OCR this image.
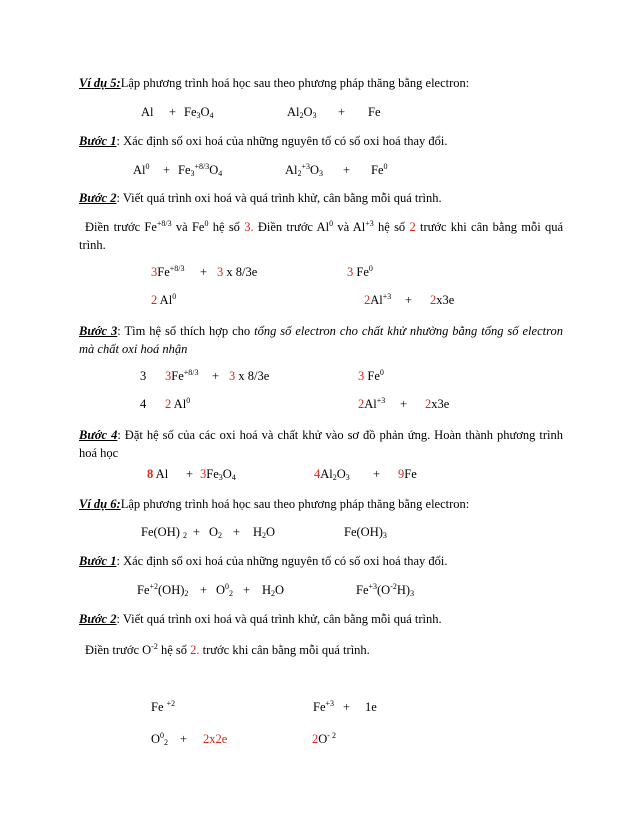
Ví dụ 5:Lập phương trình hoá học sau theo phương pháp thăng bằng electron:
$Al + Fe_3O_4$	$Al_2O_3 + Fe$
Bước 1: Xác định số oxi hoá của những nguyên tố có số oxi hoá thay đổi.
$Al^0 + Fe_3^{+8/3}O_4$	$Al_2^{+3}O_3 + Fe^0$
Bước 2: Viết quá trình oxi hoá và quá trình khử, cân bằng mỗi quá trình.
Điền trước $Fe^{+8/3}$ và Fe$^0$ hệ số 3. Điền trước Al$^0$ và $Al^{+3}$ hệ số 2 trước khi cân bằng mỗi quá trình.
$3Fe^{+8/3} + 3$ x 8/3e	3 Fe$^0$
2 Al$^0$	$2Al^{+3} + 2x3e$
Bước 3: Tìm hệ số thích hợp cho tổng số electron cho chất khử nhường bằng tổng số electron mà chất oxi hoá nhận
3 $3Fe^{+8/3} + 3$ x 8/3e	3 Fe$^0$
4 2 Al$^0$	$2Al^{+3} + 2x3e$
Bước 4: Đặt hệ số của các oxi hoá và chất khử vào sơ đồ phản ứng. Hoàn thành phương trình hoá học
8 $Al + 3Fe_3O_4$	$4Al_2O_3 + 9Fe$
Ví dụ 6:Lập phương trình hoá học sau theo phương pháp thăng bằng electron:
Fe(OH) $_2 + O_2 + H_2O$	$Fe(OH)_3$
Bước 1: Xác định số oxi hoá của những nguyên tố có số oxi hoá thay đổi.
$Fe^{+2}(OH)_2 + O^0_2 + H_2O$	$Fe^{+3}(O^{-2}H)_3$
Bước 2: Viết quá trình oxi hoá và quá trình khử, cân bằng mỗi quá trình.
Điền trước $O^{-2}$ hệ số 2. trước khi cân bằng mỗi quá trình.
Fe $^{+2}$	$Fe^{+3} + 1e$
$O^0_2 + 2x2e$	$2O^{- 2}$
